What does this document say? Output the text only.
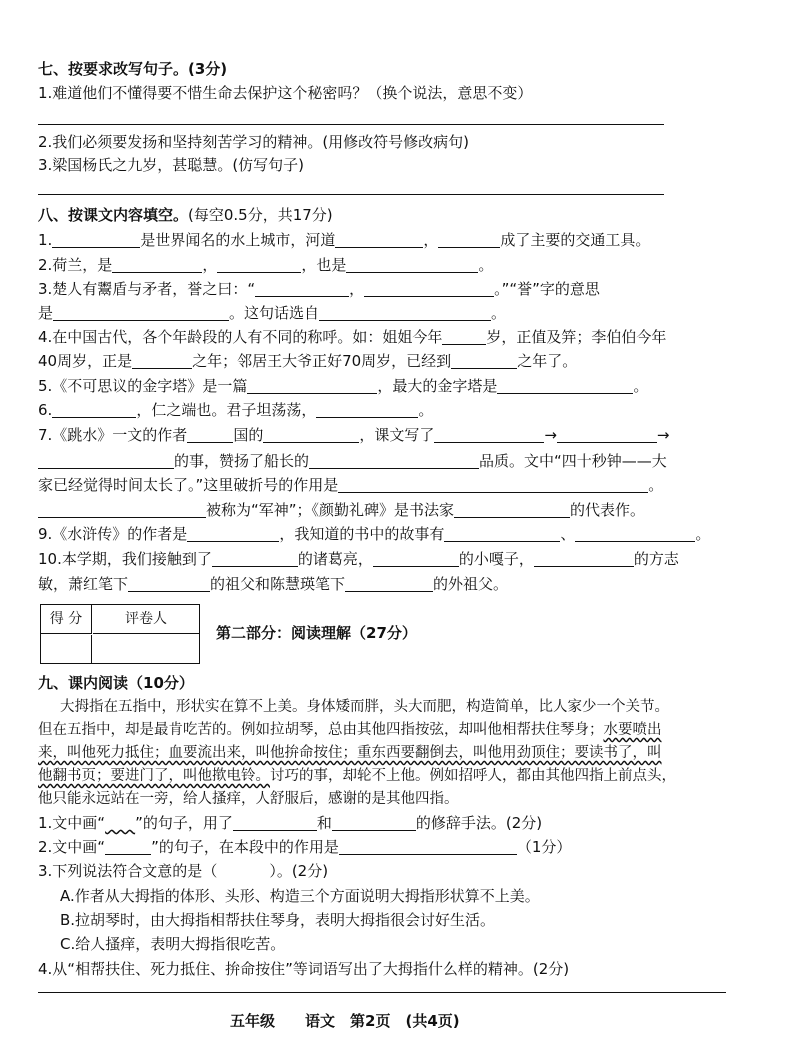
七、按要求改写句子。(3分)
1.难道他们不懂得要不惜生命去保护这个秘密吗？（换个说法，意思不变）
2.我们必须要发扬和坚持刻苦学习的精神。(用修改符号修改病句)
3.梁国杨氏之九岁，甚聪慧。(仿写句子)
八、按课文内容填空。(每空0.5分，共17分)
1.	是世界闻名的水上城市，河道	，	成了主要的交通工具。
2.荷兰，是	，	，也是	。
3.楚人有鬻盾与矛者，誉之曰：“	，	。”“誉”字的意思
是	。这句话选自	。
4.在中国古代，各个年龄段的人有不同的称呼。如：姐姐今年	岁，正值及笄；李伯伯今年
40周岁，正是	之年；邻居王大爷正好70周岁，已经到	之年了。
5.《不可思议的金字塔》是一篇	，最大的金字塔是	。
6.	，仁之端也。君子坦荡荡，	。
7.《跳水》一文的作者	国的	，课文写了	→	→
的事，赞扬了船长的	品质。文中“四十秒钟——大
家已经觉得时间太长了。”这里破折号的作用是	。
被称为“军神”；《颜勤礼碑》是书法家	的代表作。
9.《水浒传》的作者是	，我知道的书中的故事有	、	。
10.本学期，我们接触到了	的诸葛亮，	的小嘎子，	的方志
敏，萧红笔下	的祖父和陈慧瑛笔下	的外祖父。
得 分	评卷人
第二部分：阅读理解（27分）
九、课内阅读（10分）
大拇指在五指中，形状实在算不上美。身体矮而胖，头大而肥，构造简单，比人家少一个关节。
但在五指中，却是最肯吃苦的。例如拉胡琴，总由其他四指按弦，却叫他相帮扶住琴身；水要喷出
来，叫他死力抵住；血要流出来，叫他拚命按住；重东西要翻倒去，叫他用劲顶住；要读书了，叫
他翻书页；要进门了，叫他揿电铃。讨巧的事，却轮不上他。例如招呼人，都由其他四指上前点头，
他只能永远站在一旁，给人搔痒，人舒服后，感谢的是其他四指。
1.文中画“   ”的句子，用了	和	的修辞手法。(2分)
2.文中画“	”的句子，在本段中的作用是	（1分）
3.下列说法符合文意的是（	）。(2分)
A.作者从大拇指的体形、头形、构造三个方面说明大拇指形状算不上美。
B.拉胡琴时，由大拇指相帮扶住琴身，表明大拇指很会讨好生活。
C.给人搔痒，表明大拇指很吃苦。
4.从“相帮扶住、死力抵住、拚命按住”等词语写出了大拇指什么样的精神。(2分)
五年级   语文  第2页  (共4页)
